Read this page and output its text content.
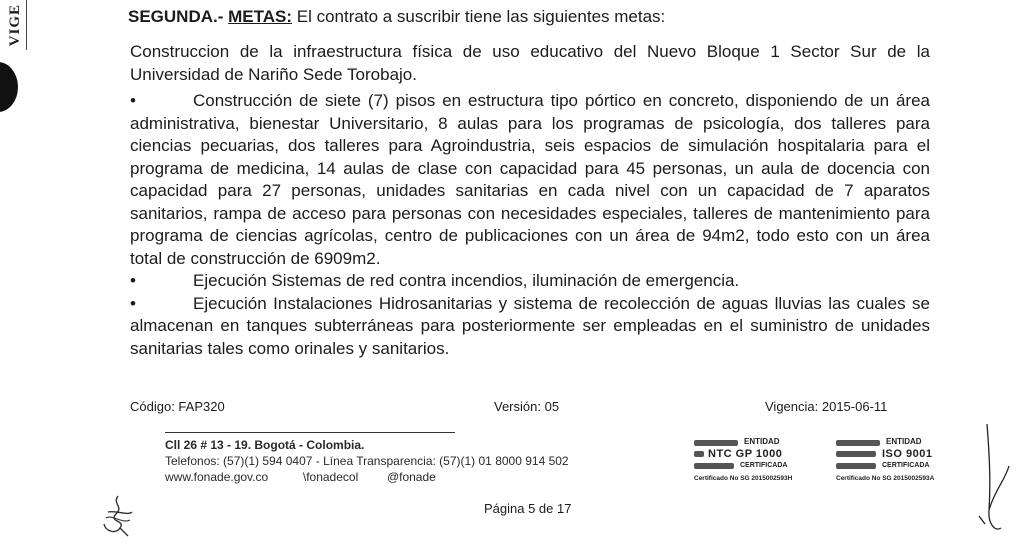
VIGE	SEGUNDA.- METAS: El contrato a suscribir tiene las siguientes metas:
Construccion de la infraestructura física de uso educativo del Nuevo Bloque 1 Sector Sur de la Universidad de Nariño Sede Torobajo.
•	Construcción de siete (7) pisos en estructura tipo pórtico en concreto, disponiendo de un área administrativa, bienestar Universitario, 8 aulas para los programas de psicología, dos talleres para ciencias pecuarias, dos talleres para Agroindustria, seis espacios de simulación hospitalaria para el programa de medicina, 14 aulas de clase con capacidad para 45 personas, un aula de docencia con capacidad para 27 personas, unidades sanitarias en cada nivel con un capacidad de 7 aparatos sanitarios, rampa de acceso para personas con necesidades especiales, talleres de mantenimiento para programa de ciencias agrícolas, centro de publicaciones con un área de 94m2, todo esto con un área total de construcción de 6909m2.
•	Ejecución Sistemas de red contra incendios, iluminación de emergencia.
•	Ejecución Instalaciones Hidrosanitarias y sistema de recolección de aguas lluvias las cuales se almacenan en tanques subterráneas para posteriormente ser empleadas en el suministro de unidades sanitarias tales como orinales y sanitarios.
Código: FAP320	Versión: 05	Vigencia: 2015-06-11
Cll 26 # 13 - 19. Bogotá - Colombia.
Telefonos: (57)(1) 594 0407 - Línea Transparencia: (57)(1) 01 8000 914 502
www.fonade.gov.co	\fonadecol @fonade
Página 5 de 17
ENTIDAD
NTC GP 1000
CERTIFICADA
Certificado No SG 2015002593H
ENTIDAD
ISO 9001
CERTIFICADA
Certificado No SG 2015002593A
